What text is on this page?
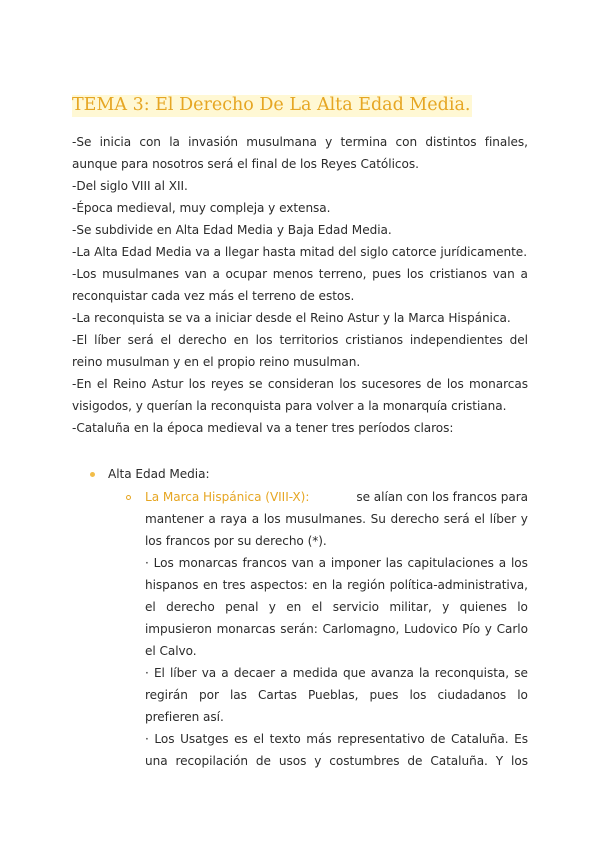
TEMA 3: El Derecho De La Alta Edad Media.
-Se inicia con la invasión musulmana y termina con distintos finales,
aunque para nosotros será el final de los Reyes Católicos.
-Del siglo VIII al XII.
-Época medieval, muy compleja y extensa.
-Se subdivide en Alta Edad Media y Baja Edad Media.
-La Alta Edad Media va a llegar hasta mitad del siglo catorce jurídicamente.
-Los musulmanes van a ocupar menos terreno, pues los cristianos van a
reconquistar cada vez más el terreno de estos.
-La reconquista se va a iniciar desde el Reino Astur y la Marca Hispánica.
-El líber será el derecho en los territorios cristianos independientes del
reino musulman y en el propio reino musulman.
-En el Reino Astur los reyes se consideran los sucesores de los monarcas
visigodos, y querían la reconquista para volver a la monarquía cristiana.
-Cataluña en la época medieval va a tener tres períodos claros:
Alta Edad Media:
La Marca Hispánica (VIII-X):	se alían con los francos para
mantener a raya a los musulmanes. Su derecho será el líber y
los francos por su derecho (*).
· Los monarcas francos van a imponer las capitulaciones a los
hispanos en tres aspectos: en la región política-administrativa,
el derecho penal y en el servicio militar, y quienes lo
impusieron monarcas serán: Carlomagno, Ludovico Pío y Carlo
el Calvo.
· El líber va a decaer a medida que avanza la reconquista, se
regirán por las Cartas Pueblas, pues los ciudadanos lo
prefieren así.
· Los Usatges es el texto más representativo de Cataluña. Es
una recopilación de usos y costumbres de Cataluña. Y los
